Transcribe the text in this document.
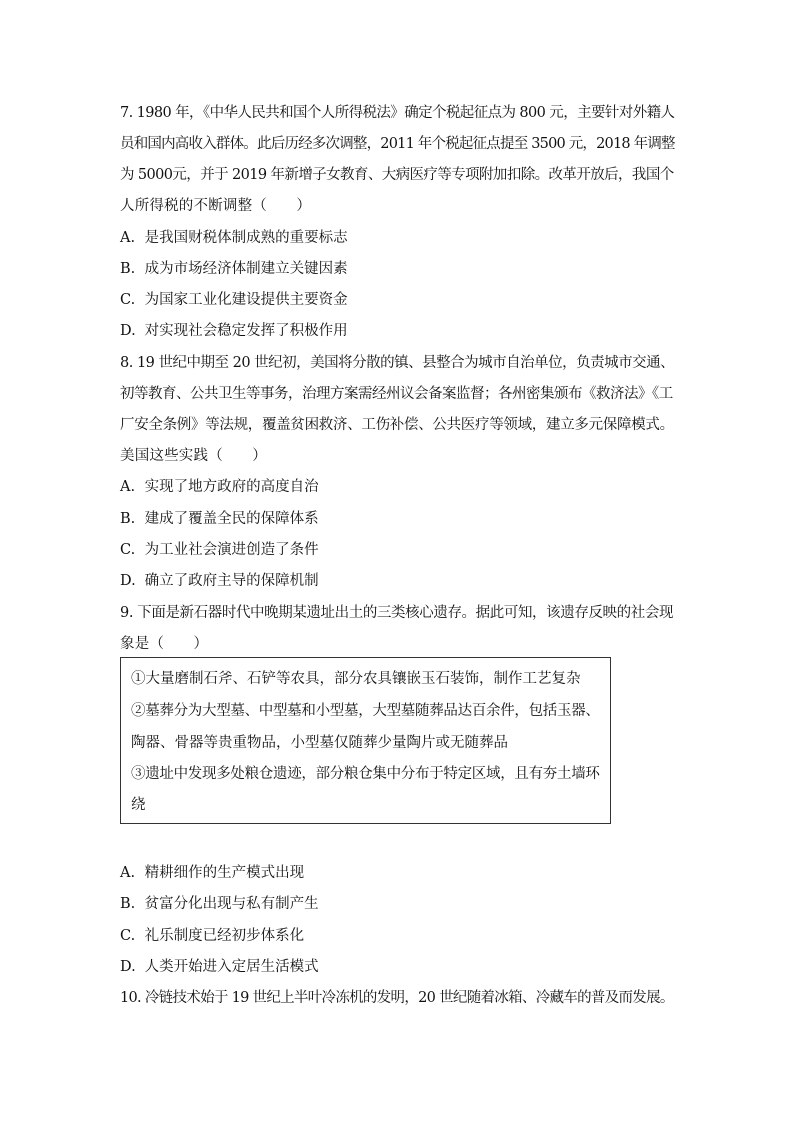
7. 1980 年，《中华人民共和国个人所得税法》确定个税起征点为 800 元，主要针对外籍人
员和国内高收入群体。此后历经多次调整，2011 年个税起征点提至 3500 元，2018 年调整
为 5000元，并于 2019 年新增子女教育、大病医疗等专项附加扣除。改革开放后，我国个
人所得税的不断调整（　　）
A. 是我国财税体制成熟的重要标志
B. 成为市场经济体制建立关键因素
C. 为国家工业化建设提供主要资金
D. 对实现社会稳定发挥了积极作用
8. 19 世纪中期至 20 世纪初，美国将分散的镇、县整合为城市自治单位，负责城市交通、
初等教育、公共卫生等事务，治理方案需经州议会备案监督；各州密集颁布《救济法》《工
厂安全条例》等法规，覆盖贫困救济、工伤补偿、公共医疗等领域，建立多元保障模式。
美国这些实践（　　）
A. 实现了地方政府的高度自治
B. 建成了覆盖全民的保障体系
C. 为工业社会演进创造了条件
D. 确立了政府主导的保障机制
9. 下面是新石器时代中晚期某遗址出土的三类核心遗存。据此可知，该遗存反映的社会现
象是（　　）
①大量磨制石斧、石铲等农具，部分农具镶嵌玉石装饰，制作工艺复杂
②墓葬分为大型墓、中型墓和小型墓，大型墓随葬品达百余件，包括玉器、
陶器、骨器等贵重物品，小型墓仅随葬少量陶片或无随葬品
③遗址中发现多处粮仓遗迹，部分粮仓集中分布于特定区域，且有夯土墙环
绕
A. 精耕细作的生产模式出现
B. 贫富分化出现与私有制产生
C. 礼乐制度已经初步体系化
D. 人类开始进入定居生活模式
10. 冷链技术始于 19 世纪上半叶冷冻机的发明，20 世纪随着冰箱、冷藏车的普及而发展。
